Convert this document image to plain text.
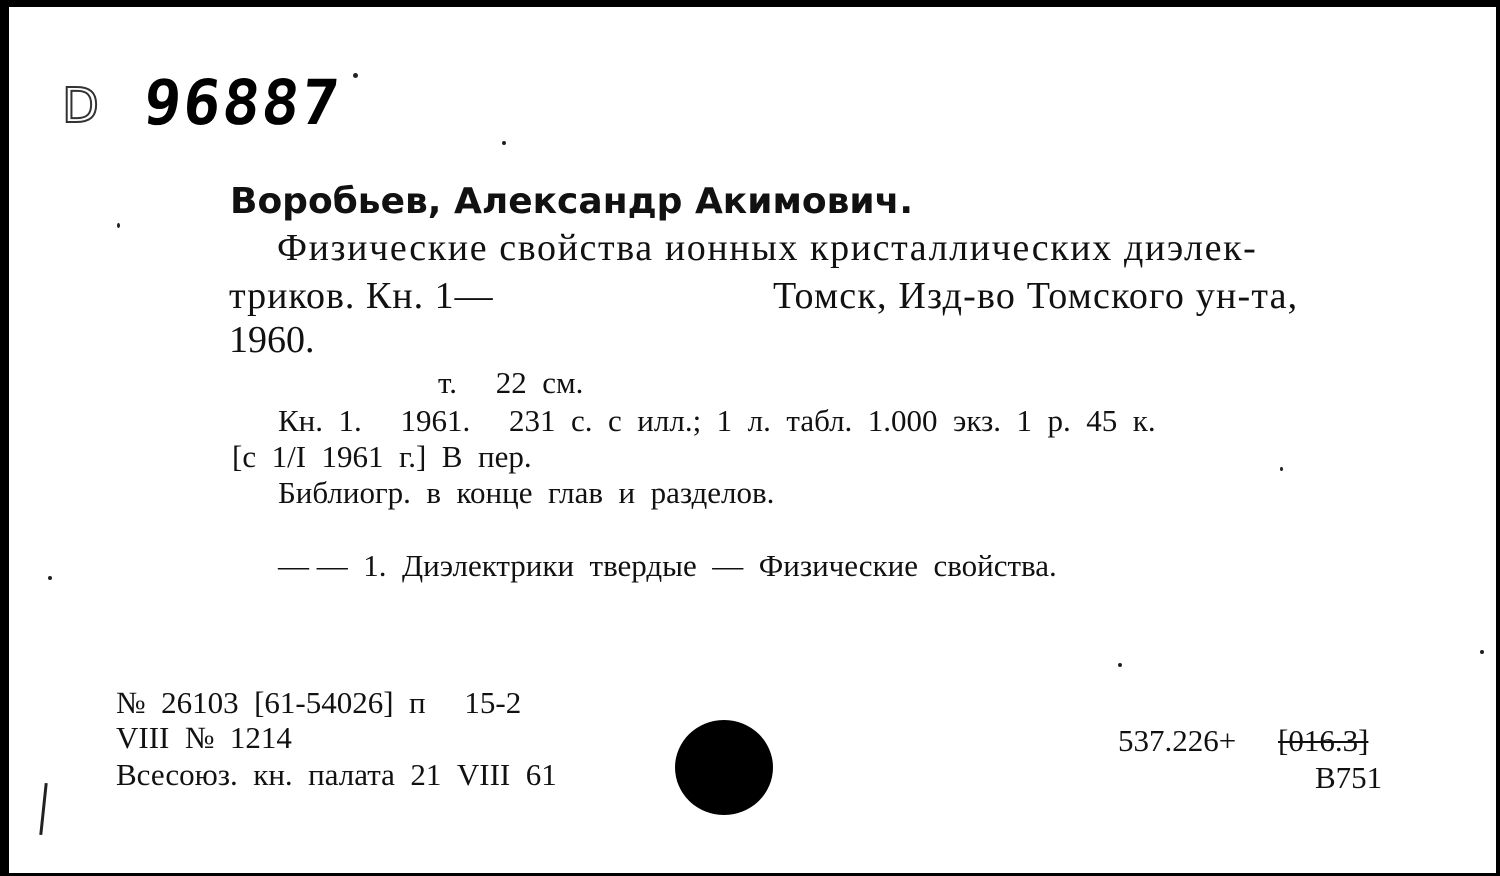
D 96887
Воробьев, Александр Акимович.
Физические свойства ионных кристаллических диэлек-
триков. Кн. 1—	Томск, Изд-во Томского ун-та,
1960.
т.     22  см.
Кн.  1.     1961.     231  с.  с  илл.;  1  л.  табл.  1.000  экз.  1  р.  45  к.
[с  1/I  1961  г.]  В  пер.
Библиогр.  в  конце  глав  и  разделов.
— —  1.  Диэлектрики  твердые  —  Физические  свойства.
№  26103  [61-54026]  п     15-2
VIII  №  1214
Всесоюз.  кн.  палата  21  VIII  61
537.226+ [016.3]
В751
